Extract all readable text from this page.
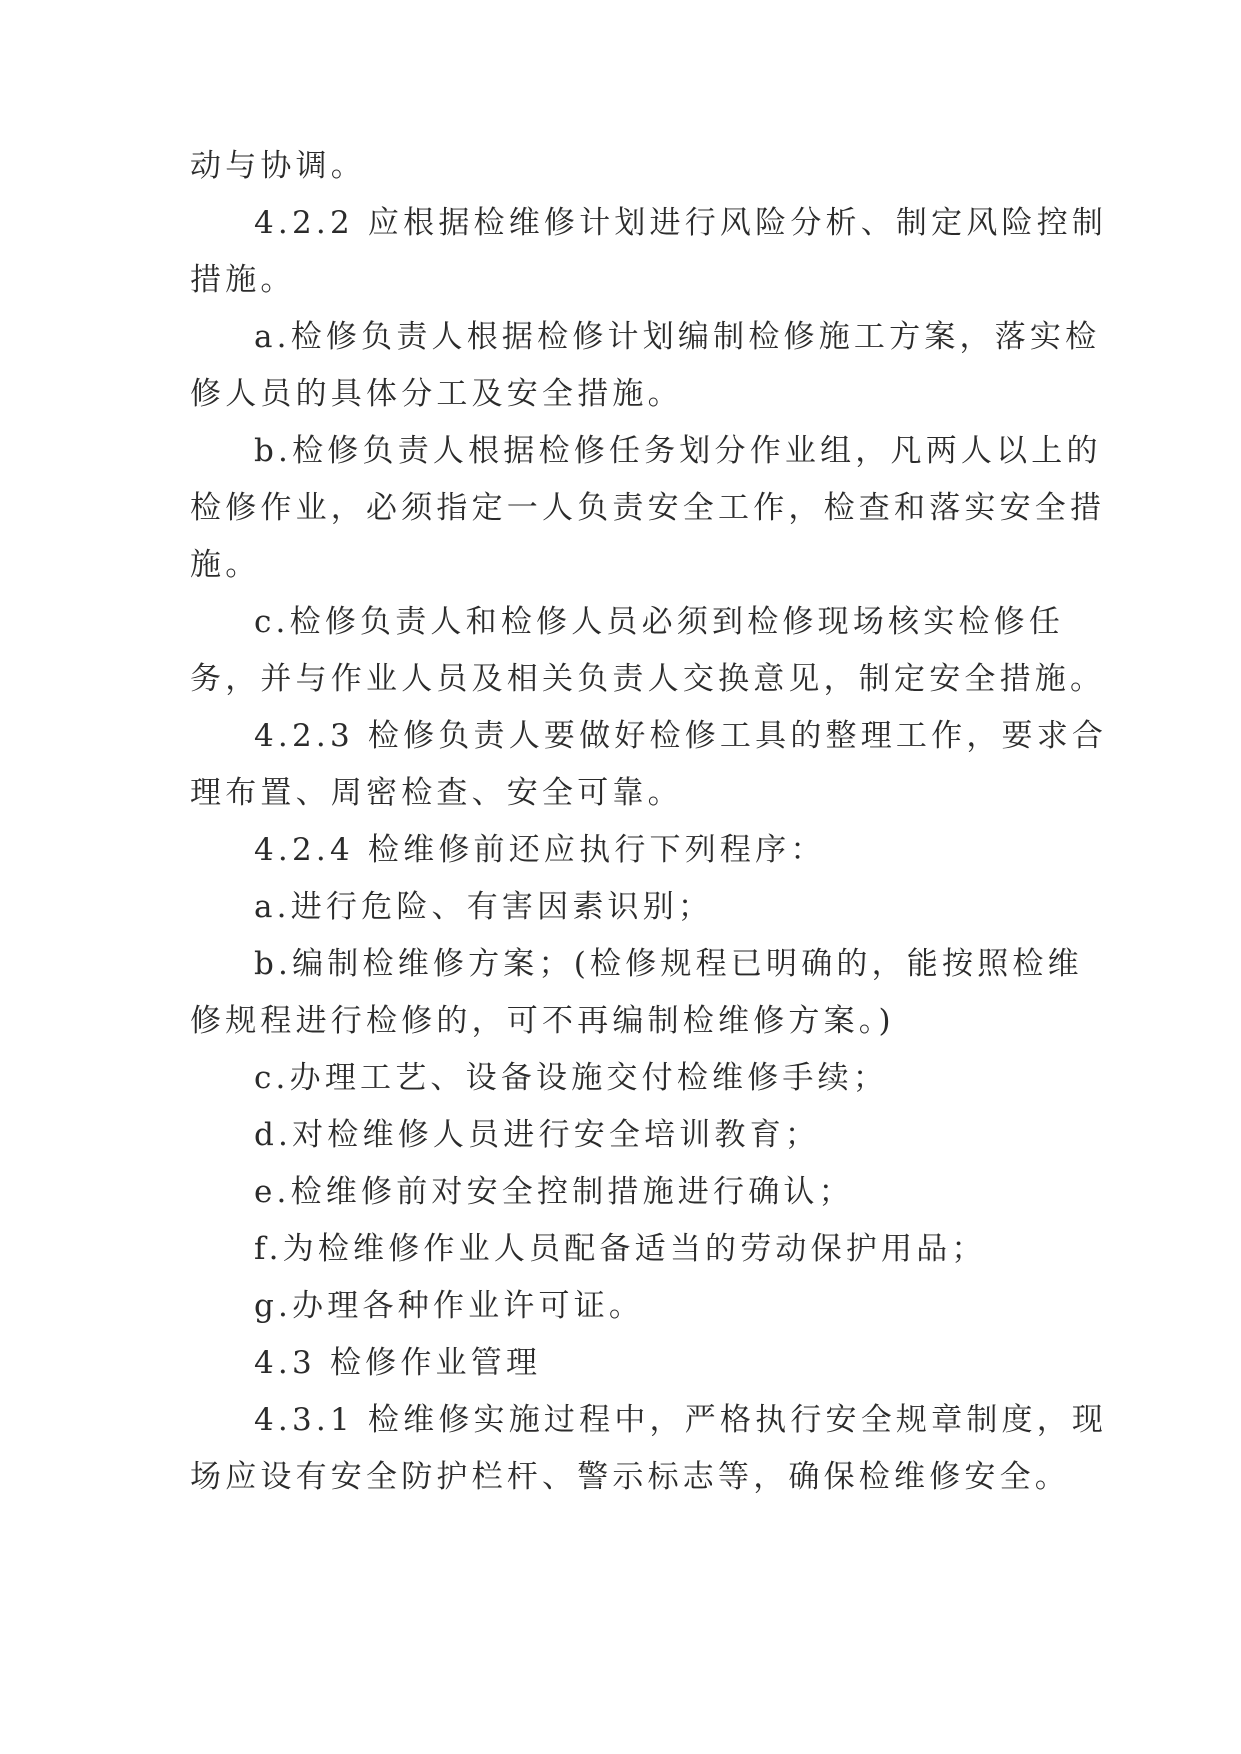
动与协调。
4.2.2 应根据检维修计划进行风险分析、制定风险控制
措施。
a.检修负责人根据检修计划编制检修施工方案，落实检
修人员的具体分工及安全措施。
b.检修负责人根据检修任务划分作业组，凡两人以上的
检修作业，必须指定一人负责安全工作，检查和落实安全措
施。
c.检修负责人和检修人员必须到检修现场核实检修任
务，并与作业人员及相关负责人交换意见，制定安全措施。
4.2.3 检修负责人要做好检修工具的整理工作，要求合
理布置、周密检查、安全可靠。
4.2.4 检维修前还应执行下列程序：
a.进行危险、有害因素识别；
b.编制检维修方案；(检修规程已明确的，能按照检维
修规程进行检修的，可不再编制检维修方案。)
c.办理工艺、设备设施交付检维修手续；
d.对检维修人员进行安全培训教育；
e.检维修前对安全控制措施进行确认；
f.为检维修作业人员配备适当的劳动保护用品；
g.办理各种作业许可证。
4.3 检修作业管理
4.3.1 检维修实施过程中，严格执行安全规章制度，现
场应设有安全防护栏杆、警示标志等，确保检维修安全。
